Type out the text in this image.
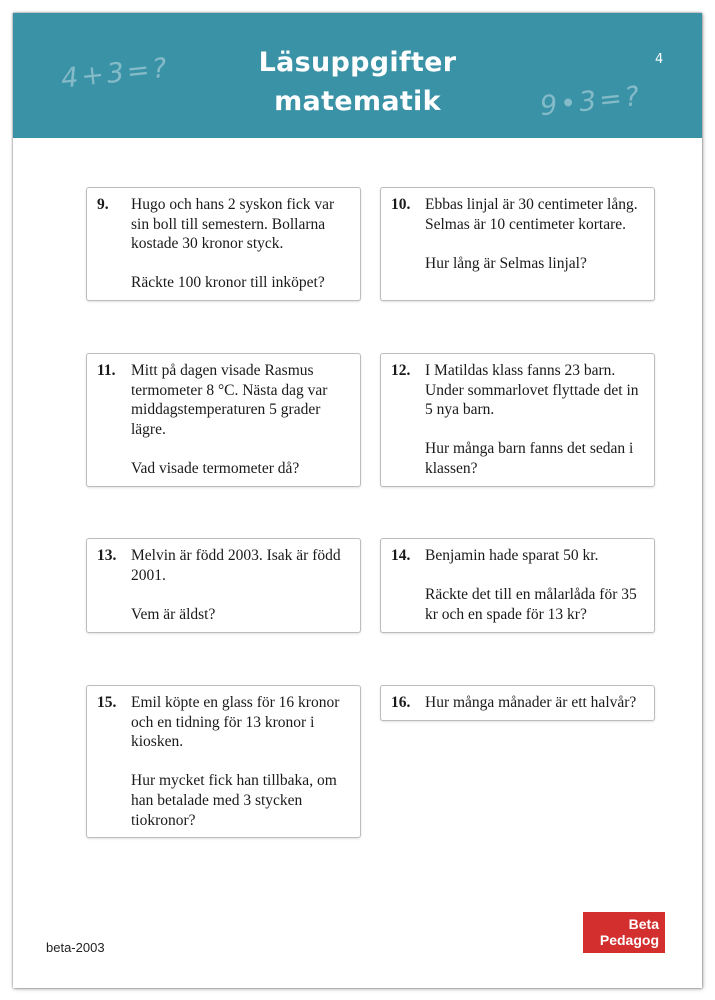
4+3=?
9•3=?
Läsuppgifter
matematik
4
9. Hugo och hans 2 syskon fick var sin boll till semestern. Bollarna kostade 30 kronor styck.

Räckte 100 kronor till inköpet?

10. Ebbas linjal är 30 centimeter lång. Selmas är 10 centimeter kortare.

Hur lång är Selmas linjal?

11. Mitt på dagen visade Rasmus termometer 8 °C. Nästa dag var middagstemperaturen 5 grader lägre.

Vad visade termometer då?

12. I Matildas klass fanns 23 barn. Under sommarlovet flyttade det in 5 nya barn.

Hur många barn fanns det sedan i klassen?

13. Melvin är född 2003. Isak är född 2001.

Vem är äldst?

14. Benjamin hade sparat 50 kr.

Räckte det till en målarlåda för 35 kr och en spade för 13 kr?

15. Emil köpte en glass för 16 kronor och en tidning för 13 kronor i kiosken.

Hur mycket fick han tillbaka, om han betalade med 3 stycken tiokronor?

16. Hur många månader är ett halvår?

beta-2003
Beta
Pedagog
